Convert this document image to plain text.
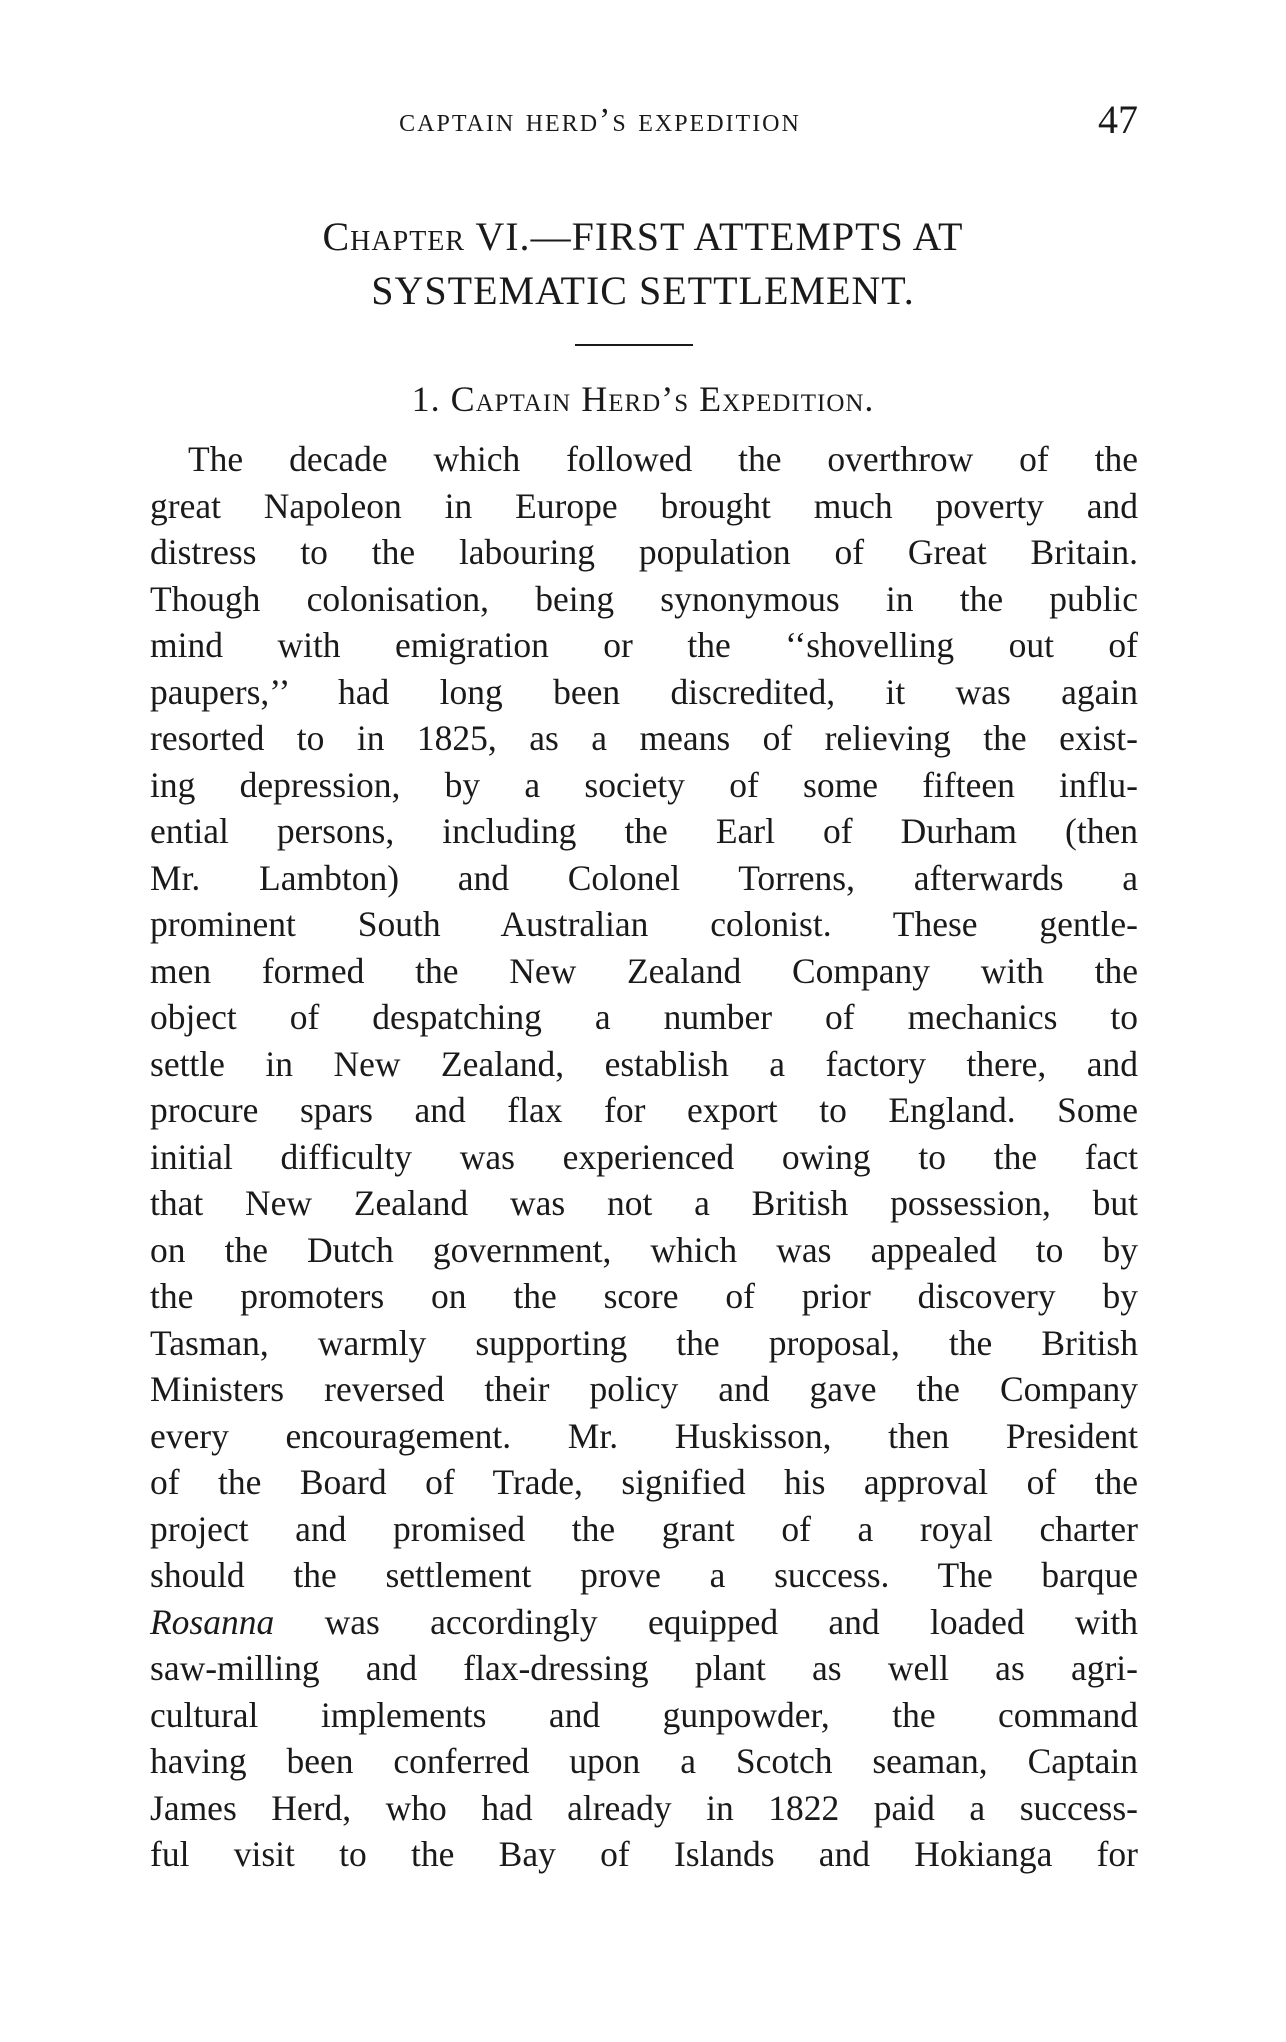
captain herd’s expedition	47
Chapter VI.—FIRST ATTEMPTS AT
SYSTEMATIC SETTLEMENT.
1. Captain Herd’s Expedition.
The decade which followed the overthrow of the
great Napoleon in Europe brought much poverty and
distress to the labouring population of Great Britain.
Though colonisation, being synonymous in the public
mind with emigration or the ‘‘shovelling out of
paupers,’’ had long been discredited, it was again
resorted to in 1825, as a means of relieving the exist-
ing depression, by a society of some fifteen influ-
ential persons, including the Earl of Durham (then
Mr. Lambton) and Colonel Torrens, afterwards a
prominent South Australian colonist. These gentle-
men formed the New Zealand Company with the
object of despatching a number of mechanics to
settle in New Zealand, establish a factory there, and
procure spars and flax for export to England. Some
initial difficulty was experienced owing to the fact
that New Zealand was not a British possession, but
on the Dutch government, which was appealed to by
the promoters on the score of prior discovery by
Tasman, warmly supporting the proposal, the British
Ministers reversed their policy and gave the Company
every encouragement. Mr. Huskisson, then President
of the Board of Trade, signified his approval of the
project and promised the grant of a royal charter
should the settlement prove a success. The barque
Rosanna was accordingly equipped and loaded with
saw-milling and flax-dressing plant as well as agri-
cultural implements and gunpowder, the command
having been conferred upon a Scotch seaman, Captain
James Herd, who had already in 1822 paid a success-
ful visit to the Bay of Islands and Hokianga for
